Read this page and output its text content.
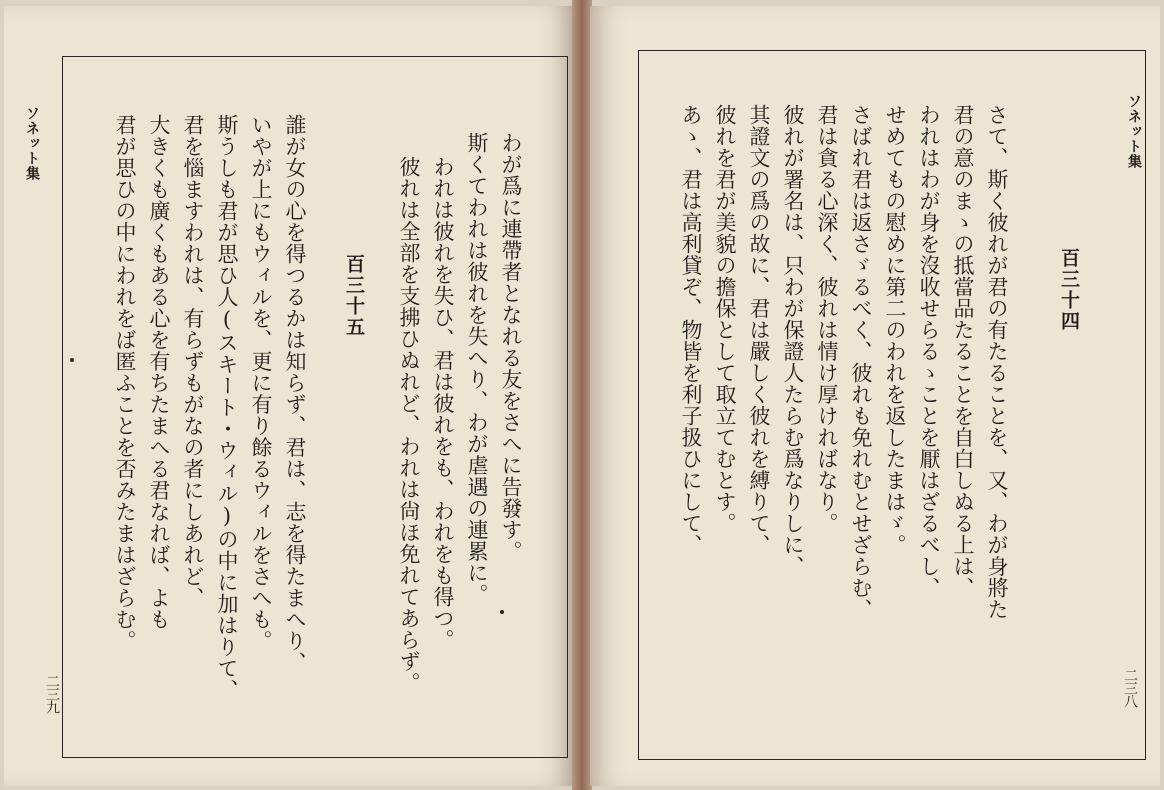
ソネット集
二三九
わが爲に連帶者となれる友をさへに告發す。
斯くてわれは彼れを失へり、わが虐遇の連累に。
われは彼れを失ひ、君は彼れをも、われをも得つ。
彼れは全部を支拂ひぬれど、われは尙ほ免れてあらず。
百三十五
誰が女の心を得つるかは知らず、君は、志を得たまへり、
いやが上にもウィルを、更に有り餘るウィルをさへも。
斯うしも君が思ひ人(スキート・ウィル)の中に加はりて、
君を惱ますわれは、有らずもがなの者にしあれど、
大きくも廣くもある心を有ちたまへる君なれば、よも
君が思ひの中にわれをば匿ふことを否みたまはざらむ。	ソネット集
二三八
百三十四
さて、斯く彼れが君の有たることを、又、わが身將た
君の意のまゝの抵當品たることを自白しぬる上は、
われはわが身を沒收せらるゝことを厭はざるべし、
せめてもの慰めに第二のわれを返したまはゞ。
さばれ君は返さゞるべく、彼れも免れむとせざらむ、
君は貪る心深く、彼れは情け厚ければなり。
彼れが署名は、只わが保證人たらむ爲なりしに、
其證文の爲の故に、君は嚴しく彼れを縛りて、
彼れを君が美貌の擔保として取立てむとす。
あゝ、君は高利貸ぞ、物皆を利子扱ひにして、
